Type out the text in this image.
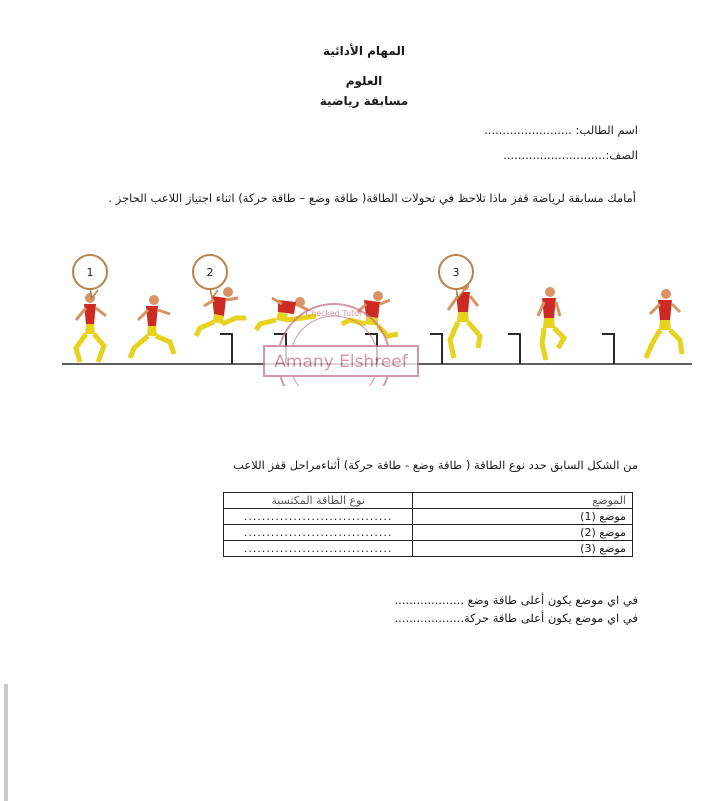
المهام الأدائية
العلوم
مسابقة رياضية
اسم الطالب: ........................
الصف:............................
أمامك مسابقة لرياضة قفز ماذا تلاحظ في تحولات الطاقة( طاقة وضع – طاقة حركة) اثناء اجتياز اللاعب الحاجز .
1	2	3
Amany Elshreef
Checked Tutor
من الشكل السابق حدد نوع الطاقة ( طاقة وضع - طاقة حركة) أثناءمراحل قفز اللاعب
الموضع	نوع الطاقة المكتسبة
موضع (1)	.................................
موضع (2)	.................................
موضع (3)	.................................
في اي موضع يكون أعلى طاقة وضع ...................
في اي موضع يكون أعلى طاقة حركة...................
